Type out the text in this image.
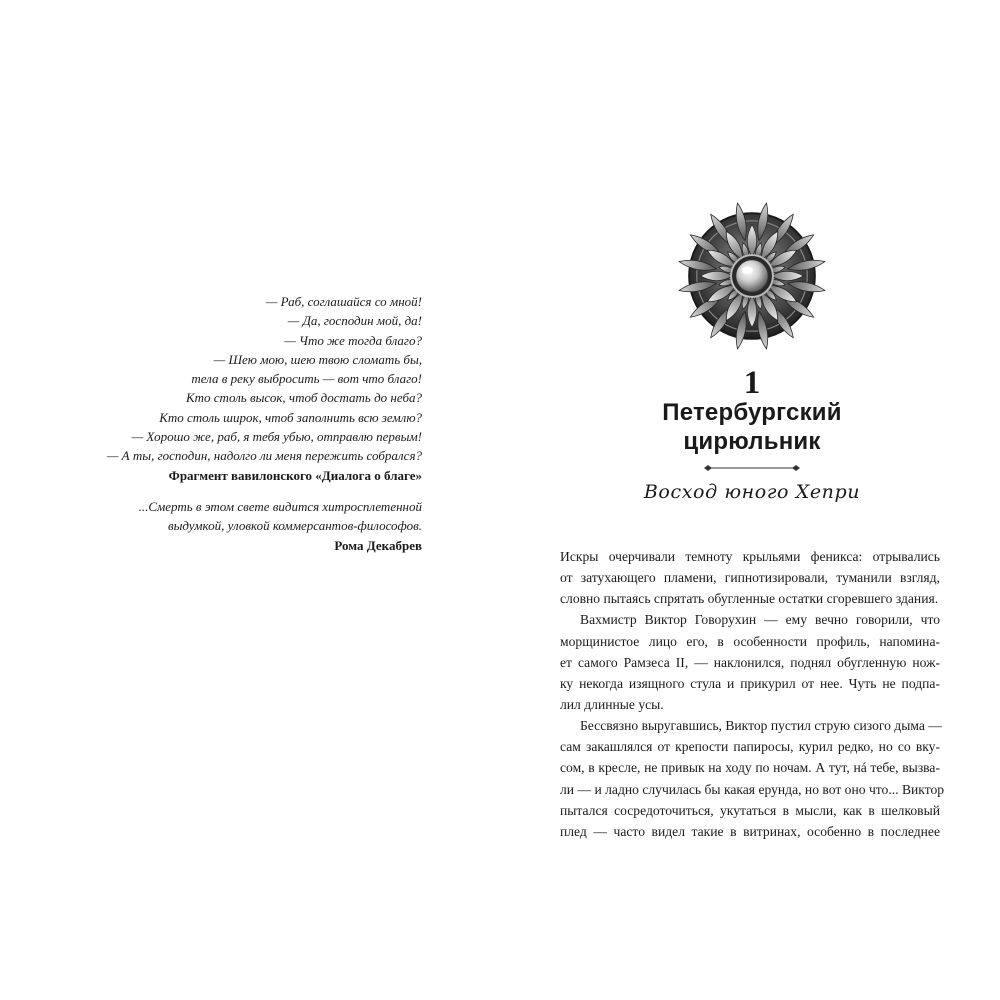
— Раб, соглашайся со мной!
— Да, господин мой, да!
— Что же тогда благо?
— Шею мою, шею твою сломать бы,
тела в реку выбросить — вот что благо!
Кто столь высок, чтоб достать до неба?
Кто столь широк, чтоб заполнить всю землю?
— Хорошо же, раб, я тебя убью, отправлю первым!
— А ты, господин, надолго ли меня пережить собрался?
Фрагмент вавилонского «Диалога о благе»
...Смерть в этом свете видится хитросплетенной
выдумкой, уловкой коммерсантов-философов.
Рома Декабрев
1
Петербургский
цирюльник
Восход юного Хепри
Искры очерчивали темноту крыльями феникса: отрывались
от затухающего пламени, гипнотизировали, туманили взгляд,
словно пытаясь спрятать обугленные остатки сгоревшего здания.
Вахмистр Виктор Говорухин — ему вечно говорили, что
морщинистое лицо его, в особенности профиль, напомина-
ет самого Рамзеса II, — наклонился, поднял обугленную нож-
ку некогда изящного стула и прикурил от нее. Чуть не подпа-
лил длинные усы.
Бессвязно выругавшись, Виктор пустил струю сизого дыма —
сам закашлялся от крепости папиросы, курил редко, но со вку-
сом, в кресле, не привык на ходу по ночам. А тут, нá тебе, вызва-
ли — и ладно случилась бы какая ерунда, но вот оно что... Виктор
пытался сосредоточиться, укутаться в мысли, как в шелковый
плед — часто видел такие в витринах, особенно в последнее
